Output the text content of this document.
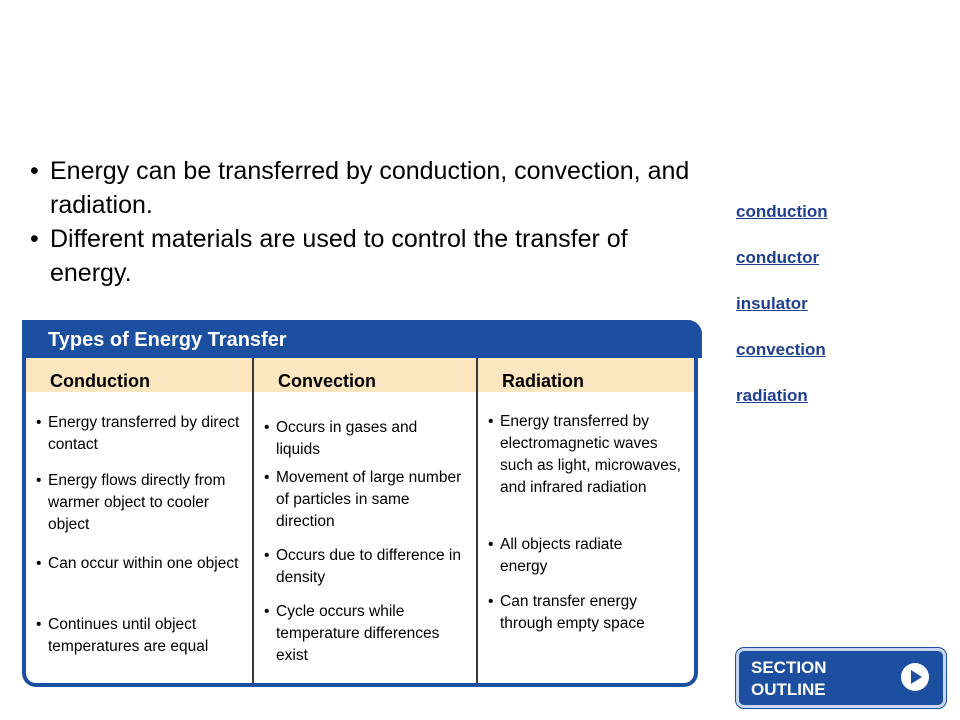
• Energy can be transferred by conduction, convection, and radiation.
• Different materials are used to control the transfer of energy.
conduction
conductor
insulator
convection
radiation
Types of Energy Transfer
Conduction	Convection	Radiation
• Energy transferred by direct contact
• Energy flows directly from warmer object to cooler object
• Can occur within one object
• Continues until object temperatures are equal
• Occurs in gases and liquids
• Movement of large number of particles in same direction
• Occurs due to difference in density
• Cycle occurs while temperature differences exist
• Energy transferred by electromagnetic waves such as light, microwaves, and infrared radiation
• All objects radiate energy
• Can transfer energy through empty space
SECTION OUTLINE
